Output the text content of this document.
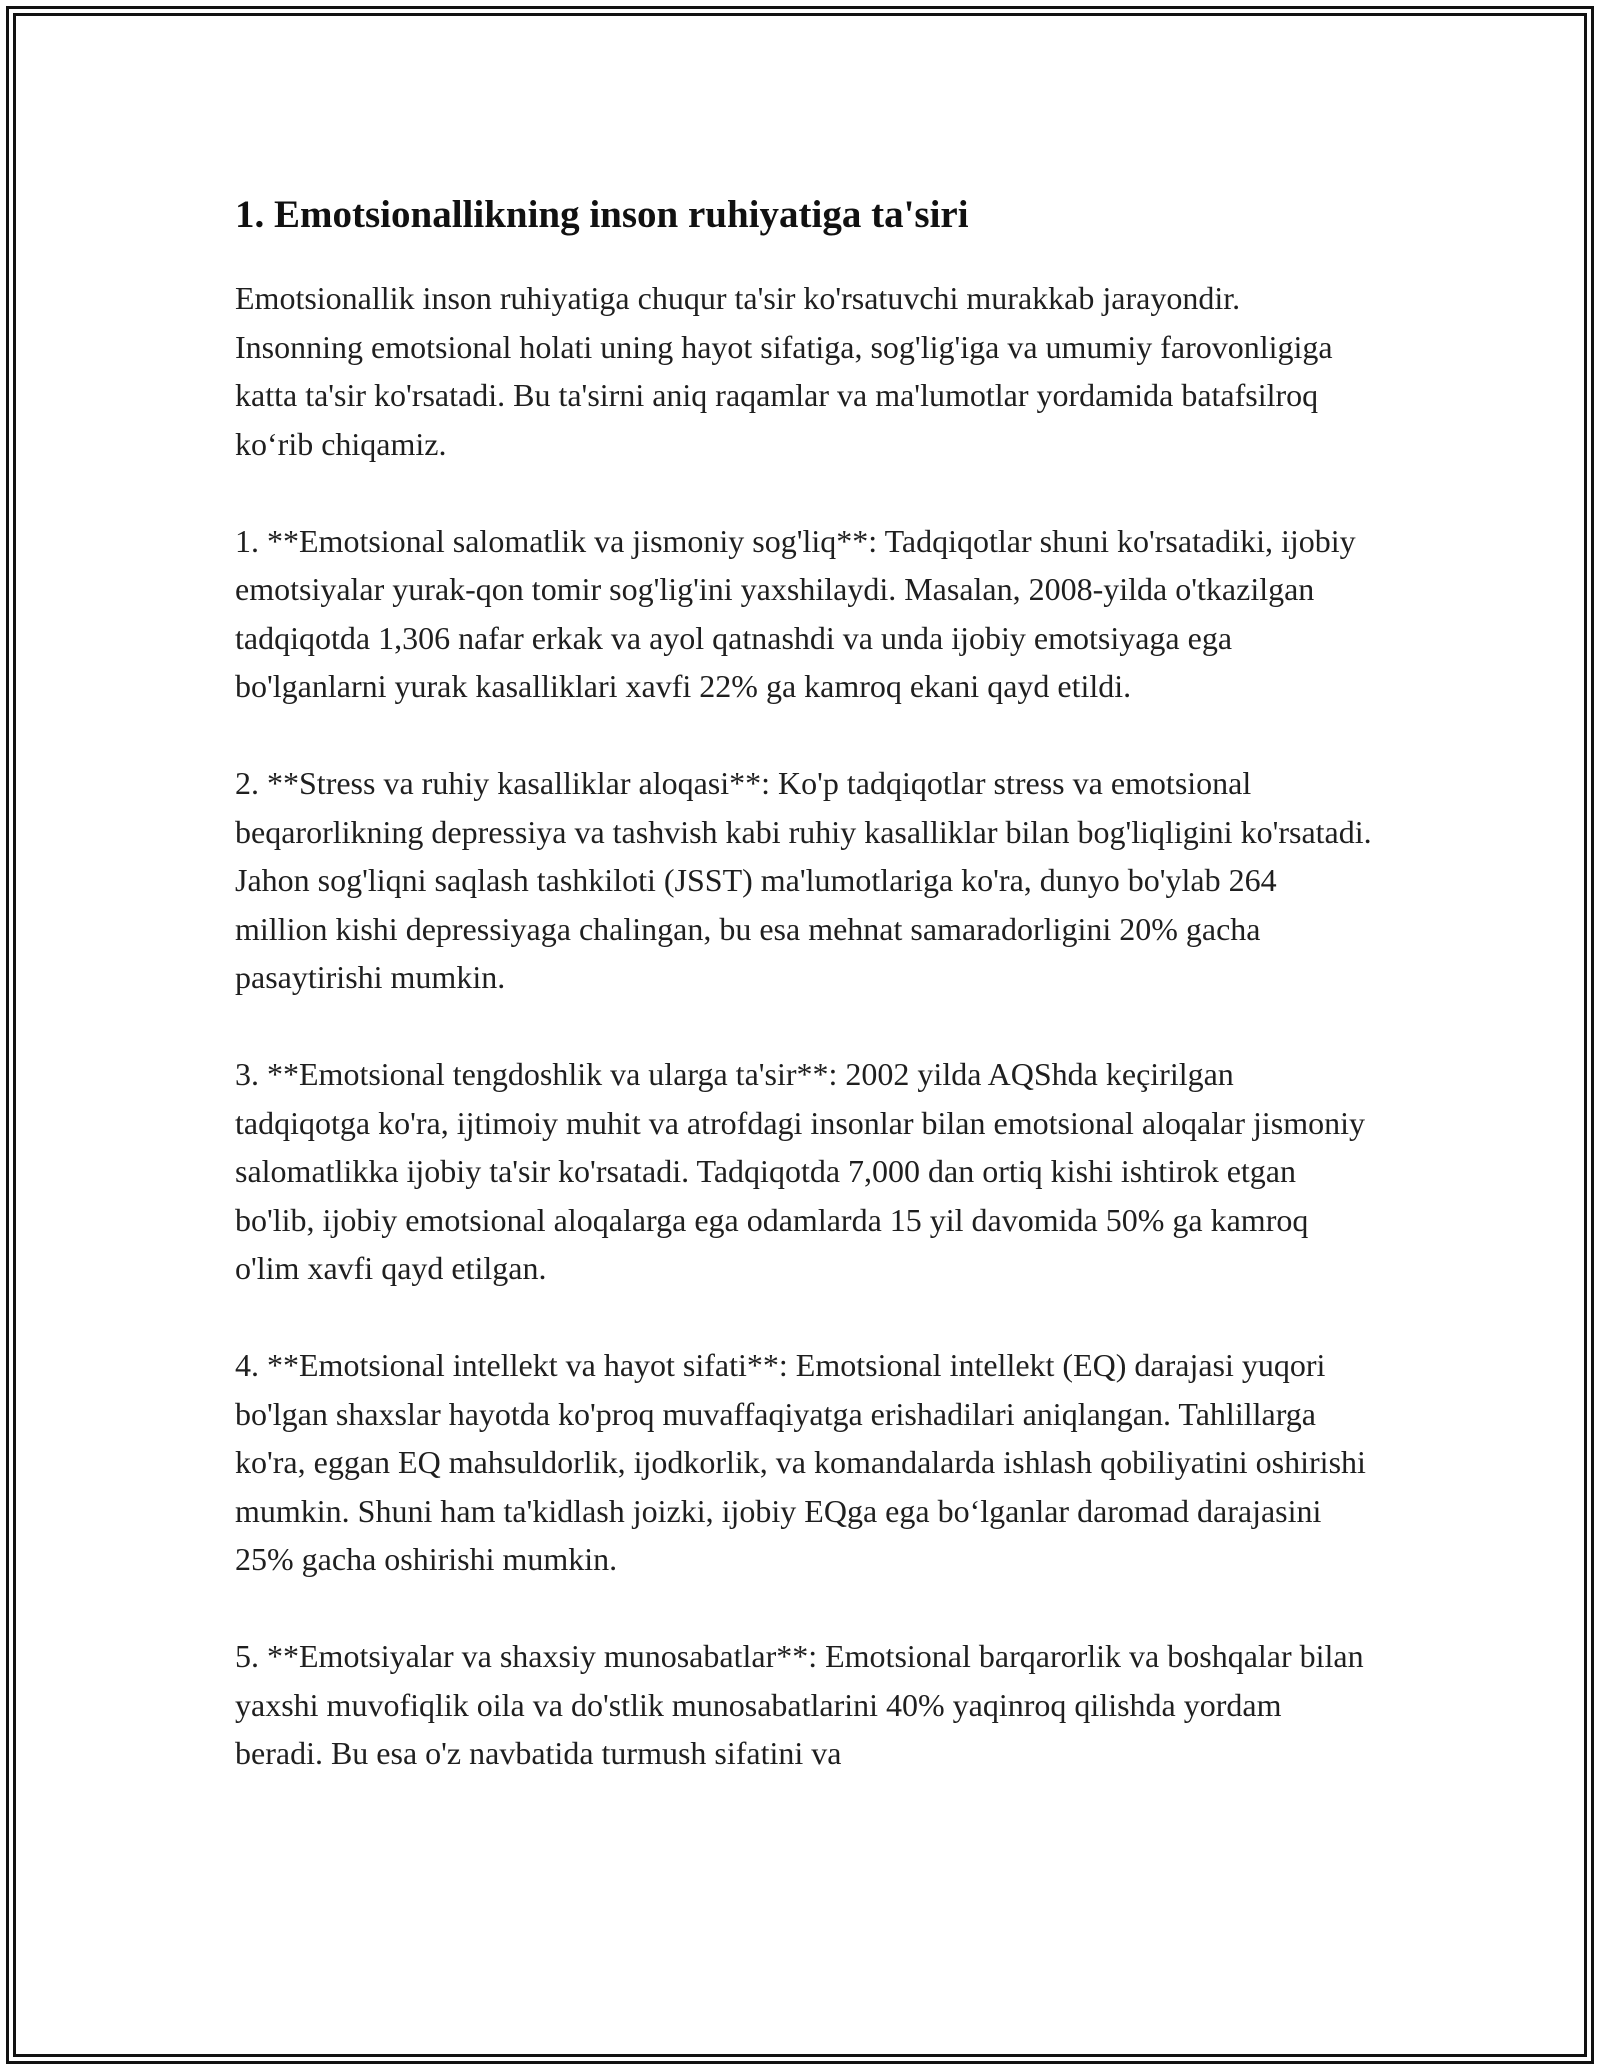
1. Emotsionallikning inson ruhiyatiga ta'siri

Emotsionallik inson ruhiyatiga chuqur ta'sir ko'rsatuvchi murakkab jarayondir. Insonning emotsional holati uning hayot sifatiga, sog'lig'iga va umumiy farovonligiga katta ta'sir ko'rsatadi. Bu ta'sirni aniq raqamlar va ma'lumotlar yordamida batafsilroq ko‘rib chiqamiz.

1. **Emotsional salomatlik va jismoniy sog'liq**: Tadqiqotlar shuni ko'rsatadiki, ijobiy emotsiyalar yurak-qon tomir sog'lig'ini yaxshilaydi. Masalan, 2008-yilda o'tkazilgan tadqiqotda 1,306 nafar erkak va ayol qatnashdi va unda ijobiy emotsiyaga ega bo'lganlarni yurak kasalliklari xavfi 22% ga kamroq ekani qayd etildi.

2. **Stress va ruhiy kasalliklar aloqasi**: Ko'p tadqiqotlar stress va emotsional beqarorlikning depressiya va tashvish kabi ruhiy kasalliklar bilan bog'liqligini ko'rsatadi. Jahon sog'liqni saqlash tashkiloti (JSST) ma'lumotlariga ko'ra, dunyo bo'ylab 264 million kishi depressiyaga chalingan, bu esa mehnat samaradorligini 20% gacha pasaytirishi mumkin.

3. **Emotsional tengdoshlik va ularga ta'sir**: 2002 yilda AQShda keçirilgan tadqiqotga ko'ra, ijtimoiy muhit va atrofdagi insonlar bilan emotsional aloqalar jismoniy salomatlikka ijobiy ta'sir ko'rsatadi. Tadqiqotda 7,000 dan ortiq kishi ishtirok etgan bo'lib, ijobiy emotsional aloqalarga ega odamlarda 15 yil davomida 50% ga kamroq o'lim xavfi qayd etilgan.

4. **Emotsional intellekt va hayot sifati**: Emotsional intellekt (EQ) darajasi yuqori bo'lgan shaxslar hayotda ko'proq muvaffaqiyatga erishadilari aniqlangan. Tahlillarga ko'ra, eggan EQ mahsuldorlik, ijodkorlik, va komandalarda ishlash qobiliyatini oshirishi mumkin. Shuni ham ta'kidlash joizki, ijobiy EQga ega bo‘lganlar daromad darajasini 25% gacha oshirishi mumkin.

5. **Emotsiyalar va shaxsiy munosabatlar**: Emotsional barqarorlik va boshqalar bilan yaxshi muvofiqlik oila va do'stlik munosabatlarini 40% yaqinroq qilishda yordam beradi. Bu esa o'z navbatida turmush sifatini va
